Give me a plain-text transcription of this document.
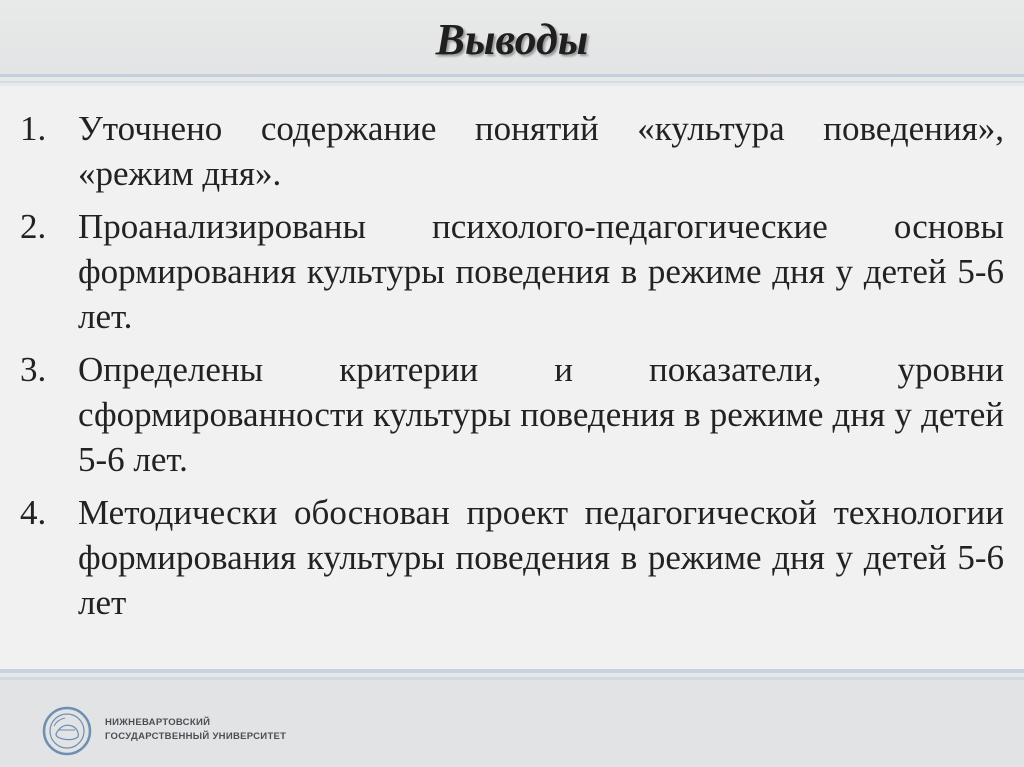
Выводы
1. Уточнено содержание понятий «культура поведения», «режим дня».
2. Проанализированы психолого-педагогические основы формирования культуры поведения в режиме дня у детей 5-6 лет.
3. Определены критерии и показатели, уровни сформированности культуры поведения в режиме дня у детей 5-6 лет.
4. Методически обоснован проект педагогической технологии формирования культуры поведения в режиме дня у детей 5-6 лет
НИЖНЕВАРТОВСКИЙ
ГОСУДАРСТВЕННЫЙ УНИВЕРСИТЕТ
